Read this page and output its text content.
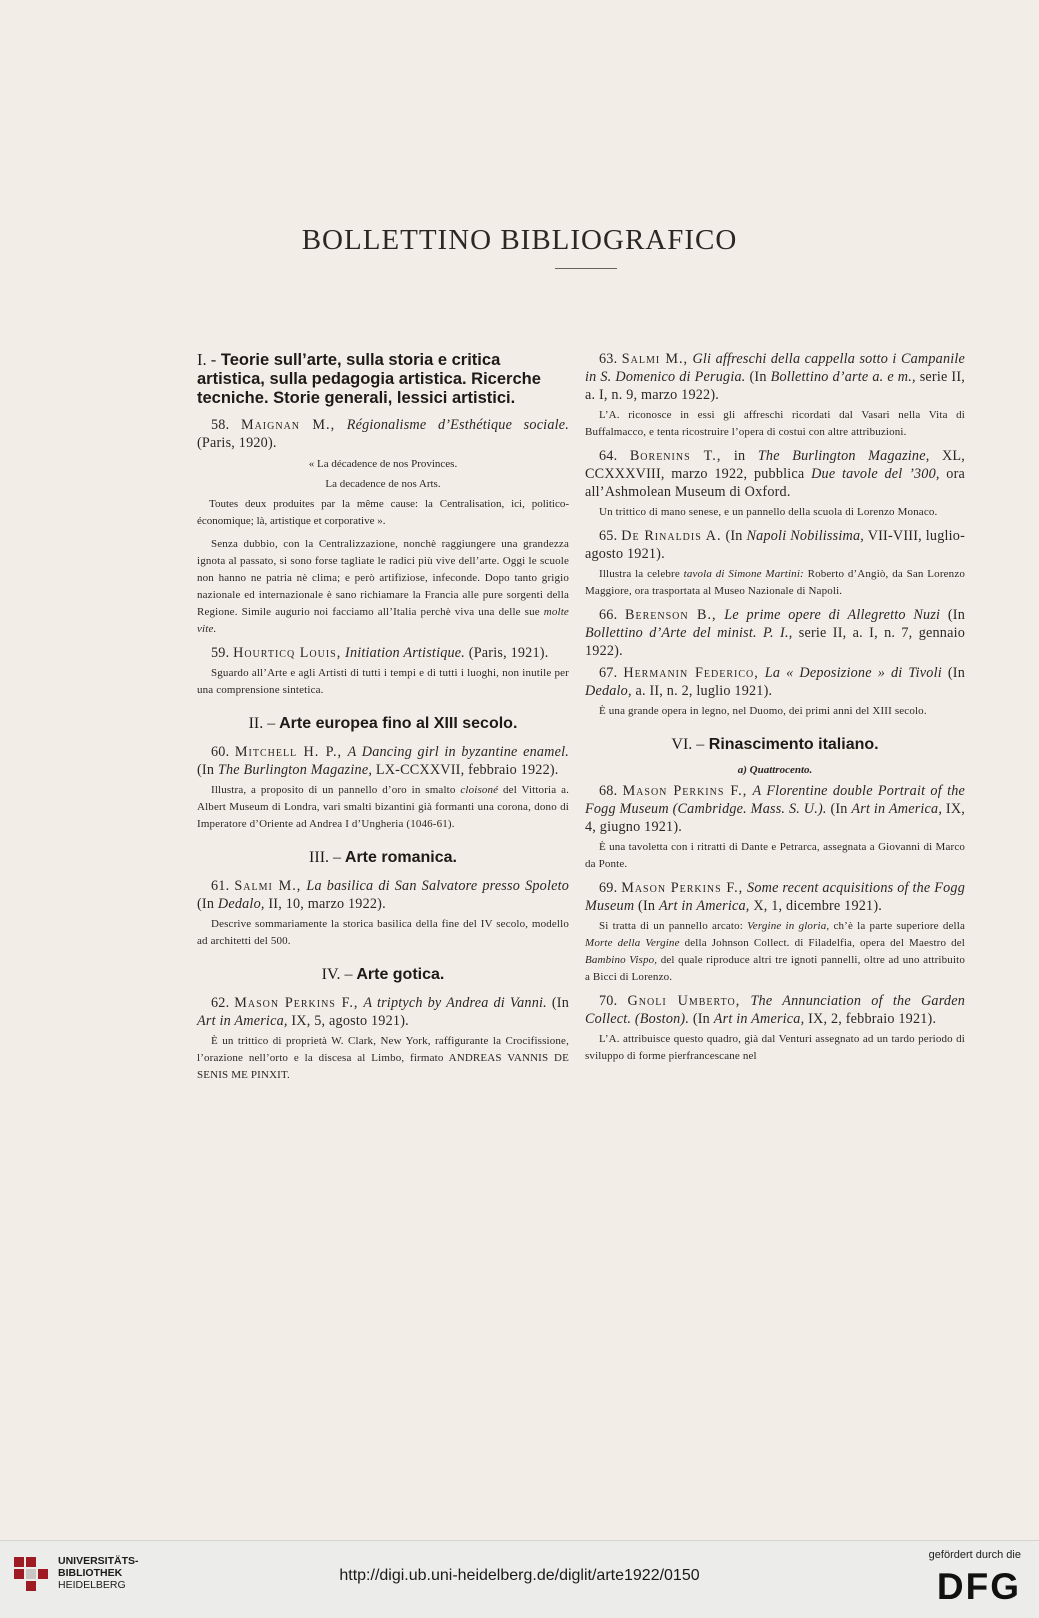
BOLLETTINO BIBLIOGRAFICO
I. - Teorie sull’arte, sulla storia e critica artistica, sulla pedagogia artistica. Ricerche tecniche. Storie generali, lessici artistici.

58. Maignan M., Régionalisme d’Esthétique sociale. (Paris, 1920).

« La décadence de nos Provinces.
La decadence de nos Arts.

Toutes deux produites par la même cause: la Centralisation, ici, politico-économique; là, artistique et corporative ».

Senza dubbio, con la Centralizzazione, nonchè raggiungere una grandezza ignota al passato, si sono forse tagliate le radici più vive dell’arte. Oggi le scuole non hanno ne patria nè clima; e però artifiziose, infeconde. Dopo tanto grigio nazionale ed internazionale è sano richiamare la Francia alle pure sorgenti della Regione. Simile augurio noi facciamo all’Italia perchè viva una delle sue molte vite.

59. Hourticq Louis, Initiation Artistique. (Paris, 1921).

Sguardo all’Arte e agli Artisti di tutti i tempi e di tutti i luoghi, non inutile per una comprensione sintetica.

II. – Arte europea fino al XIII secolo.

60. Mitchell H. P., A Dancing girl in byzantine enamel. (In The Burlington Magazine, LX-CCXXVII, febbraio 1922).

Illustra, a proposito di un pannello d’oro in smalto cloisoné del Vittoria a. Albert Museum di Londra, vari smalti bizantini già formanti una corona, dono di Imperatore d’Oriente ad Andrea I d’Ungheria (1046-61).

III. – Arte romanica.

61. Salmi M., La basilica di San Salvatore presso Spoleto (In Dedalo, II, 10, marzo 1922).

Descrive sommariamente la storica basilica della fine del IV secolo, modello ad architetti del 500.

IV. – Arte gotica.

62. Mason Perkins F., A triptych by Andrea di Vanni. (In Art in America, IX, 5, agosto 1921).

È un trittico di proprietà W. Clark, New York, raffigurante la Crocifissione, l’orazione nell’orto e la discesa al Limbo, firmato ANDREAS VANNIS DE SENIS ME PINXIT.

63. Salmi M., Gli affreschi della cappella sotto i Campanile in S. Domenico di Perugia. (In Bollettino d’arte a. e m., serie II, a. I, n. 9, marzo 1922).

L’A. riconosce in essi gli affreschi ricordati dal Vasari nella Vita di Buffalmacco, e tenta ricostruire l’opera di costui con altre attribuzioni.

64. Borenins T., in The Burlington Magazine, XL, CCXXXVIII, marzo 1922, pubblica Due tavole del ’300, ora all’Ashmolean Museum di Oxford.

Un trittico di mano senese, e un pannello della scuola di Lorenzo Monaco.

65. De Rinaldis A. (In Napoli Nobilissima, VII-VIII, luglio-agosto 1921).

Illustra la celebre tavola di Simone Martini: Roberto d’Angiò, da San Lorenzo Maggiore, ora trasportata al Museo Nazionale di Napoli.

66. Berenson B., Le prime opere di Allegretto Nuzi (In Bollettino d’Arte del minist. P. I., serie II, a. I, n. 7, gennaio 1922).

67. Hermanin Federico, La « Deposizione » di Tivoli (In Dedalo, a. II, n. 2, luglio 1921).

È una grande opera in legno, nel Duomo, dei primi anni del XIII secolo.

VI. – Rinascimento italiano.
a) Quattrocento.

68. Mason Perkins F., A Florentine double Portrait of the Fogg Museum (Cambridge. Mass. S. U.). (In Art in America, IX, 4, giugno 1921).

È una tavoletta con i ritratti di Dante e Petrarca, assegnata a Giovanni di Marco da Ponte.

69. Mason Perkins F., Some recent acquisitions of the Fogg Museum (In Art in America, X, 1, dicembre 1921).

Si tratta di un pannello arcato: Vergine in gloria, ch’è la parte superiore della Morte della Vergine della Johnson Collect. di Filadelfia, opera del Maestro del Bambino Vispo, del quale riproduce altri tre ignoti pannelli, oltre ad uno attribuito a Bicci di Lorenzo.

70. Gnoli Umberto, The Annunciation of the Garden Collect. (Boston). (In Art in America, IX, 2, febbraio 1921).

L’A. attribuisce questo quadro, già dal Venturi assegnato ad un tardo periodo di sviluppo di forme pierfrancescane nel

UNIVERSITÄTS-
BIBLIOTHEK
HEIDELBERG
http://digi.ub.uni-heidelberg.de/diglit/arte1922/0150
gefördert durch die
DFG
